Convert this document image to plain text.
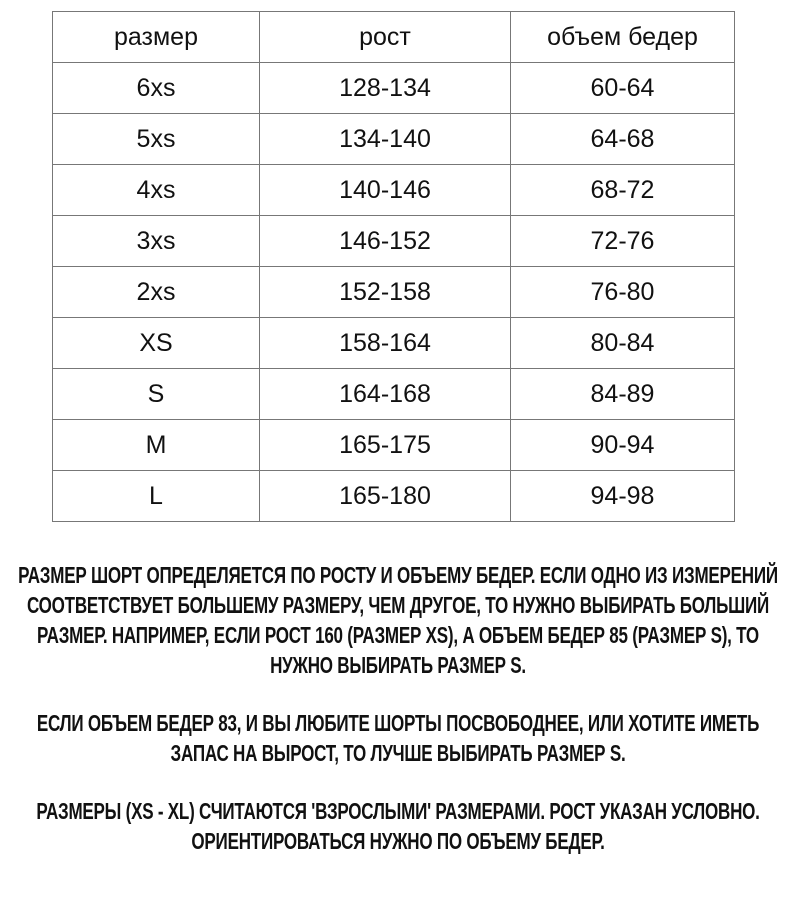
размер	рост	объем бедер
6xs	128-134	60-64
5xs	134-140	64-68
4xs	140-146	68-72
3xs	146-152	72-76
2xs	152-158	76-80
XS	158-164	80-84
S	164-168	84-89
M	165-175	90-94
L	165-180	94-98

РАЗМЕР ШОРТ ОПРЕДЕЛЯЕТСЯ ПО РОСТУ И ОБЪЕМУ БЕДЕР. ЕСЛИ ОДНО ИЗ ИЗМЕРЕНИЙ СООТВЕТСТВУЕТ БОЛЬШЕМУ РАЗМЕРУ, ЧЕМ ДРУГОЕ, ТО НУЖНО ВЫБИРАТЬ БОЛЬШИЙ РАЗМЕР. НАПРИМЕР, ЕСЛИ РОСТ 160 (РАЗМЕР XS), А ОБЪЕМ БЕДЕР 85 (РАЗМЕР S), ТО НУЖНО ВЫБИРАТЬ РАЗМЕР S.

ЕСЛИ ОБЪЕМ БЕДЕР 83, И ВЫ ЛЮБИТЕ ШОРТЫ ПОСВОБОДНЕЕ, ИЛИ ХОТИТЕ ИМЕТЬ ЗАПАС НА ВЫРОСТ, ТО ЛУЧШЕ ВЫБИРАТЬ РАЗМЕР S.

РАЗМЕРЫ (XS - XL) СЧИТАЮТСЯ 'ВЗРОСЛЫМИ' РАЗМЕРАМИ. РОСТ УКАЗАН УСЛОВНО. ОРИЕНТИРОВАТЬСЯ НУЖНО ПО ОБЪЕМУ БЕДЕР.
